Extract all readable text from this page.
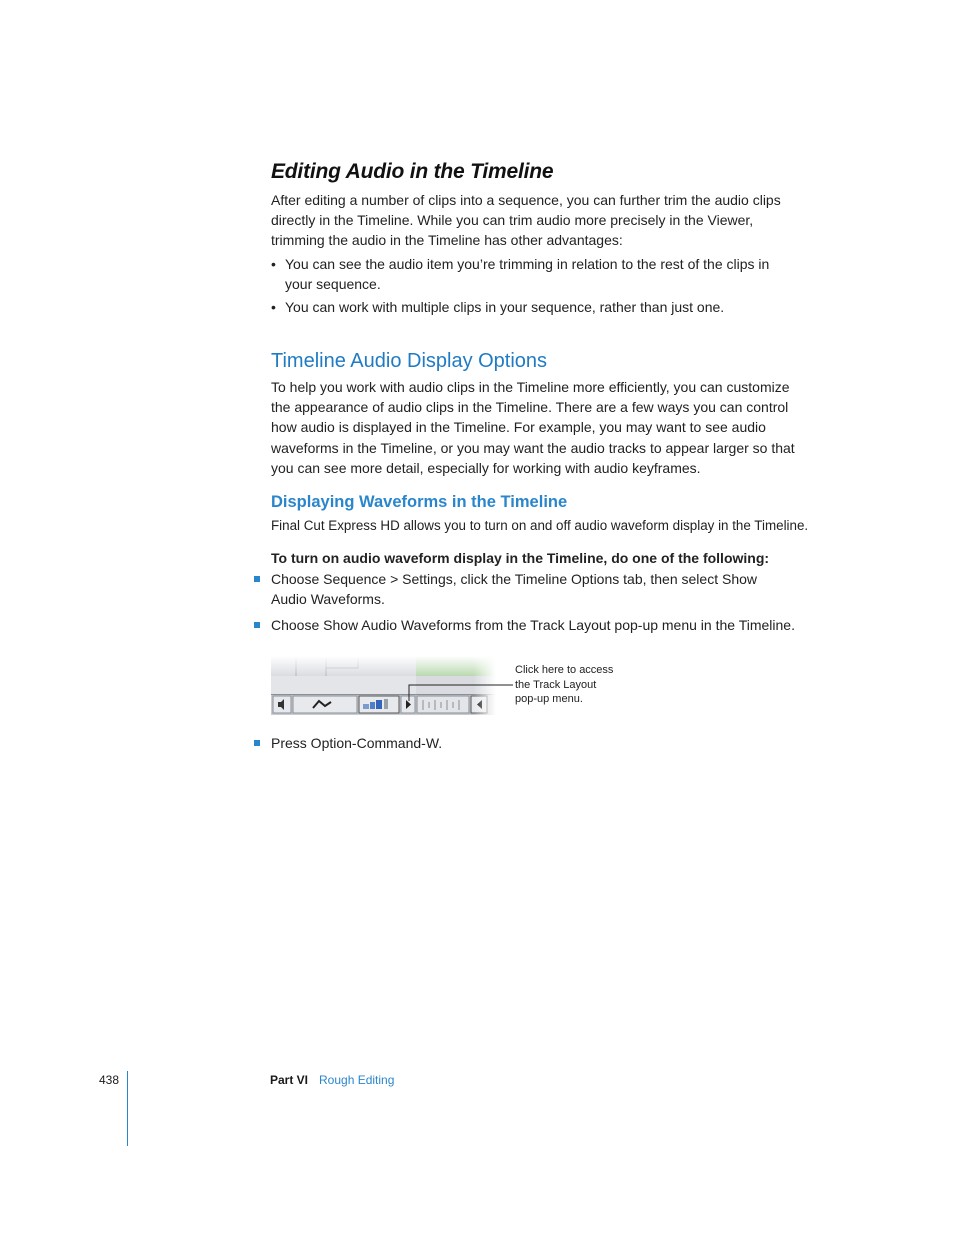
Editing Audio in the Timeline
After editing a number of clips into a sequence, you can further trim the audio clips
directly in the Timeline. While you can trim audio more precisely in the Viewer,
trimming the audio in the Timeline has other advantages:
• You can see the audio item you’re trimming in relation to the rest of the clips in
your sequence.
• You can work with multiple clips in your sequence, rather than just one.
Timeline Audio Display Options
To help you work with audio clips in the Timeline more efficiently, you can customize
the appearance of audio clips in the Timeline. There are a few ways you can control
how audio is displayed in the Timeline. For example, you may want to see audio
waveforms in the Timeline, or you may want the audio tracks to appear larger so that
you can see more detail, especially for working with audio keyframes.
Displaying Waveforms in the Timeline
Final Cut Express HD allows you to turn on and off audio waveform display in the Timeline.
To turn on audio waveform display in the Timeline, do one of the following:
Choose Sequence > Settings, click the Timeline Options tab, then select Show
Audio Waveforms.
Choose Show Audio Waveforms from the Track Layout pop-up menu in the Timeline.
Click here to access
the Track Layout
pop-up menu.
Press Option-Command-W.
438	Part VI Rough Editing
